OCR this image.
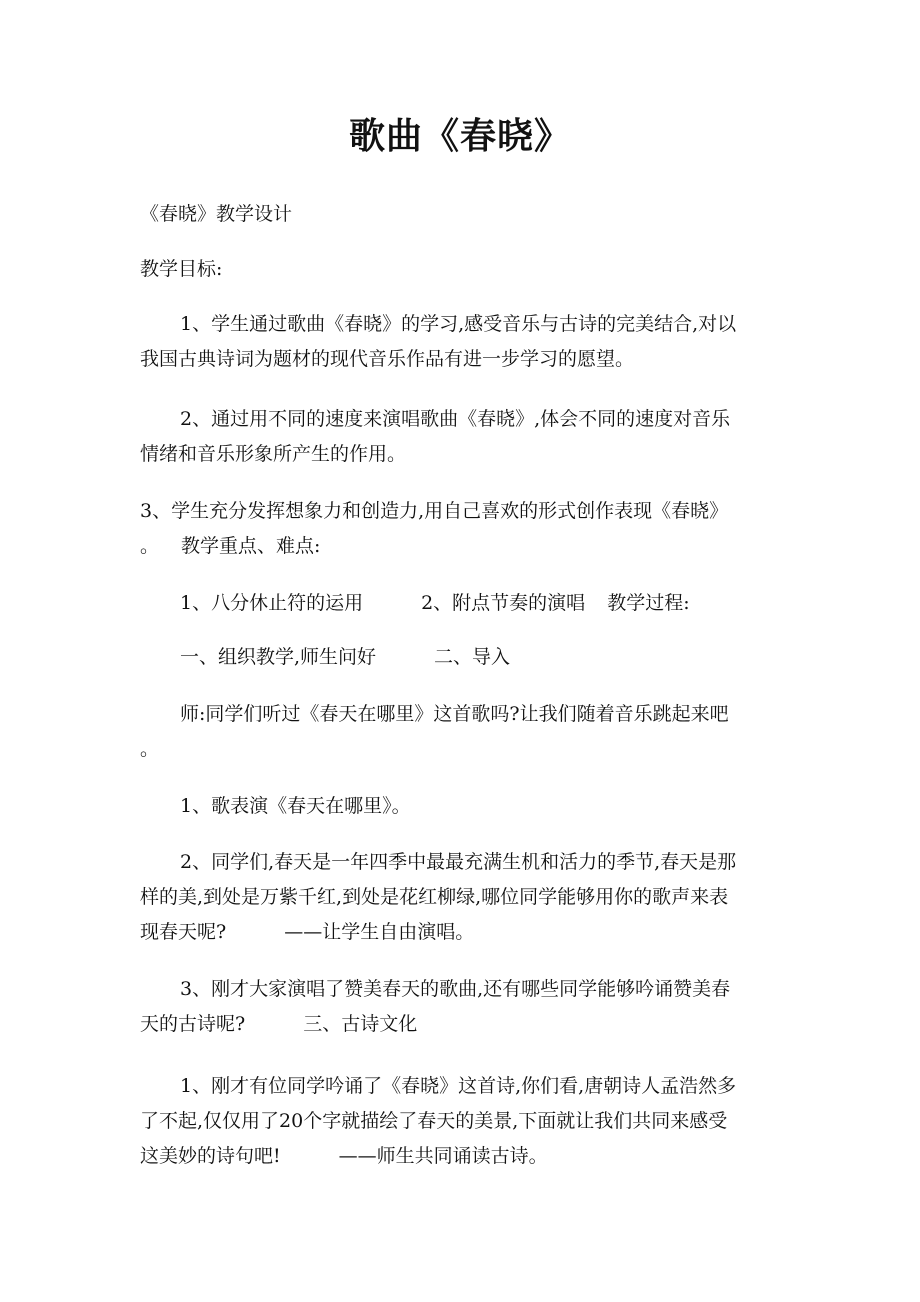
歌曲《春晓》
《春晓》教学设计
教学目标:
1、学生通过歌曲《春晓》的学习,感受音乐与古诗的完美结合,对以
我国古典诗词为题材的现代音乐作品有进一步学习的愿望。
2、通过用不同的速度来演唱歌曲《春晓》,体会不同的速度对音乐
情绪和音乐形象所产生的作用。
3、学生充分发挥想象力和创造力,用自己喜欢的形式创作表现《春晓》
。 教学重点、难点:
1、八分休止符的运用	2、附点节奏的演唱 教学过程:
一、组织教学,师生问好	二、导入
师:同学们听过《春天在哪里》这首歌吗?让我们随着音乐跳起来吧
。
1、歌表演《春天在哪里》。
2、同学们,春天是一年四季中最最充满生机和活力的季节,春天是那
样的美,到处是万紫千红,到处是花红柳绿,哪位同学能够用你的歌声来表
现春天呢?	——让学生自由演唱。
3、刚才大家演唱了赞美春天的歌曲,还有哪些同学能够吟诵赞美春
天的古诗呢?	三、古诗文化
1、刚才有位同学吟诵了《春晓》这首诗,你们看,唐朝诗人孟浩然多
了不起,仅仅用了20个字就描绘了春天的美景,下面就让我们共同来感受
这美妙的诗句吧!	——师生共同诵读古诗。
